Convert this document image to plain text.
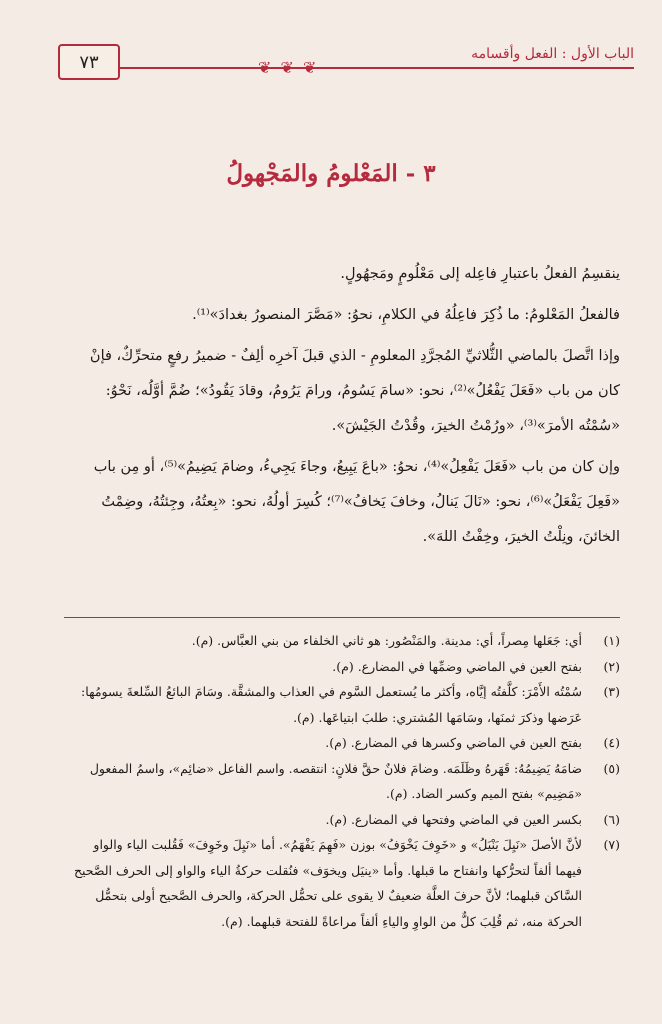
٧٣	❦ ❦ ❦
الباب الأول : الفعل وأقسامه
٣ - المَعْلومُ والمَجْهولُ

ينقسِمُ الفعلُ باعتبارِ فاعِله إلى مَعْلُومٍ ومَجهُولٍ.

فالفعلُ المَعْلومُ: ما ذُكِرَ فاعِلُهُ في الكلامِ، نحوُ: «مَصَّرَ المنصورُ بغدادَ»⁽¹⁾.

وإذا اتَّصلَ بالماضي الثُّلاثيِّ المُجرَّدِ المعلومِ - الذي قبلَ آخرِه ألِفٌ - ضميرُ رفعٍ متحرِّكٌ، فإنْ كان من باب «فَعَلَ يَفْعُلُ»⁽²⁾، نحو: «سامَ يَسُومُ، ورامَ يَرُومُ، وقادَ يَقُودُ»؛ ضُمَّ أوَّلُه، نَحْوُ: «سُمْتُه الأمرَ»⁽³⁾، «ورُمْتُ الخيرَ، وقُدْتُ الجَيْشَ».

وإن كان من باب «فَعَلَ يَفْعِلُ»⁽⁴⁾، نحوُ: «باعَ يَبِيعُ، وجاءَ يَجِيءُ، وضامَ يَضِيمُ»⁽⁵⁾، أو مِن باب «فَعِلَ يَفْعَلُ»⁽⁶⁾، نحو: «نَالَ يَنالُ، وخافَ يَخافُ»⁽⁷⁾؛ كُسِرَ أولُهُ، نحو: «بِعتُهُ، وجِئتُهُ، وضِمْتُ الخائنَ، ونِلْتُ الخيرَ، وخِفْتُ اللهَ».

(١)
أي: جَعَلها مِصراً، أي: مدينة. والمَنْصُور: هو ثاني الخلفاء من بني العبَّاس. (م).
(٢)
بفتح العين في الماضي وضمِّها في المضارع. (م).
(٣)
سُمْتُه الأَمْرَ: كلَّفتُه إيَّاه، وأكثر ما يُستعمل السَّوم في العذاب والمشقَّة. وسَامَ البائعُ السِّلعةَ يسومُها: عَرَضها وذكرَ ثمنَها، وسَامَها المُشتري: طلبَ ابتياعَها. (م).
(٤)
بفتح العين في الماضي وكسرها في المضارع. (م).
(٥)
ضامَهُ يَضِيمُهُ: قَهَرهُ وظَلَمَه. وضامَ فلانٌ حقَّ فلانٍ: انتقصه. واسم الفاعل «ضائِم»، واسمُ المفعول «مَضِيم» بفتح الميم وكسر الضاد. (م).
(٦)
بكسر العين في الماضي وفتحها في المضارع. (م).
(٧)
لأنَّ الأصلَ «نَيِلَ يَنْيَلُ» و «خَوِفَ يَخْوَفُ» بوزن «فَهِمَ يَفْهَمُ». أما «نَيِلَ وخَوِفَ» فَقُلبت الياء والواو فيهما ألفاً لتحرُّكها وانفتاح ما قبلها. وأما «ينيَل ويخوَف» فنُقلت حركةُ الياء والواو إلى الحرف الصَّحيح السَّاكن قبلهما؛ لأنَّ حرفَ العلَّة ضعيفٌ لا يقوى على تحمُّل الحركة، والحرف الصَّحيح أولى بتحمُّل الحركة منه، ثم قُلِبَ كلٌّ من الواوِ والياءِ ألفاً مراعاةً للفتحة قبلهما. (م).
